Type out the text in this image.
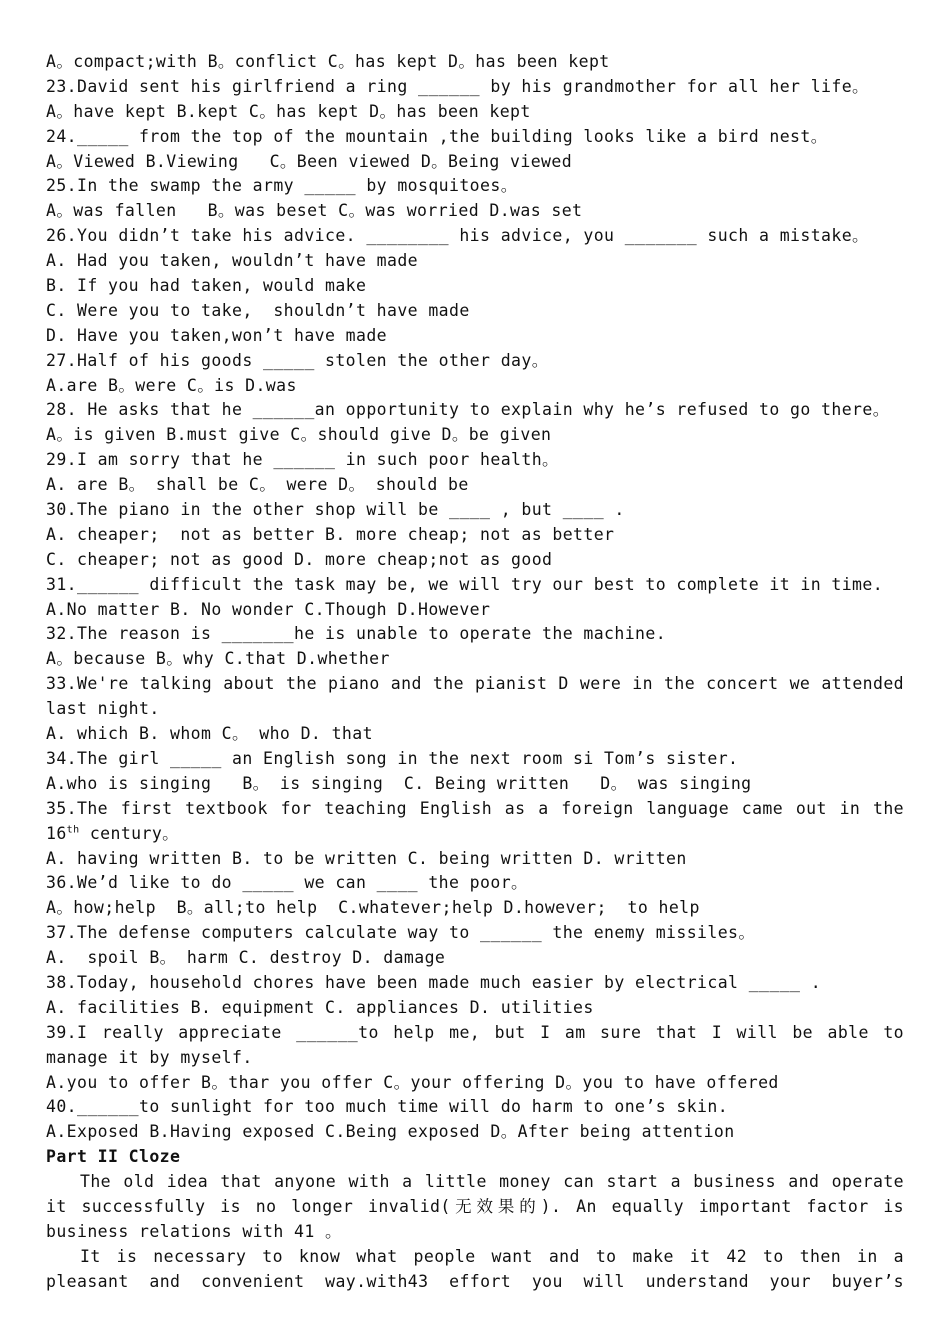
A。compact;with B。conflict C。has kept D。has been kept
23.David sent his girlfriend a ring ______ by his grandmother for all her life。
A。have kept B.kept C。has kept D。has been kept
24._____ from the top of the mountain ,the building looks like a bird nest。
A。Viewed B.Viewing   C。Been viewed D。Being viewed
25.In the swamp the army _____ by mosquitoes。
A。was fallen   B。was beset C。was worried D.was set
26.You didn’t take his advice. ________ his advice, you _______ such a mistake。
A. Had you taken, wouldn’t have made
B. If you had taken, would make
C. Were you to take,  shouldn’t have made
D. Have you taken,won’t have made
27.Half of his goods _____ stolen the other day。
A.are B。were C。is D.was
28. He asks that he ______an opportunity to explain why he’s refused to go there。
A。is given B.must give C。should give D。be given
29.I am sorry that he ______ in such poor health。
A. are B。 shall be C。 were D。 should be
30.The piano in the other shop will be ____ , but ____ .
A. cheaper;  not as better B. more cheap; not as better
C. cheaper; not as good D. more cheap;not as good
31.______ difficult the task may be, we will try our best to complete it in time.
A.No matter B. No wonder C.Though D.However
32.The reason is _______he is unable to operate the machine.
A。because B。why C.that D.whether
33.We're talking about the piano and the pianist D were in the concert we attended
last night.
A. which B. whom C。 who D. that
34.The girl _____ an English song in the next room si Tom’s sister.
A.who is singing   B。 is singing  C. Being written   D。 was singing
35.The first textbook for teaching English as a foreign language came out in the
16th century。
A. having written B. to be written C. being written D. written
36.We’d like to do _____ we can ____ the poor。
A。how;help  B。all;to help  C.whatever;help D.however;  to help
37.The defense computers calculate way to ______ the enemy missiles。
A.  spoil B。 harm C. destroy D. damage
38.Today, household chores have been made much easier by electrical _____ .
A. facilities B. equipment C. appliances D. utilities
39.I really appreciate ______to help me, but I am sure that I will be able to
manage it by myself.
A.you to offer B。thar you offer C。your offering D。you to have offered
40.______to sunlight for too much time will do harm to one’s skin.
A.Exposed B.Having exposed C.Being exposed D。After being attention
Part II Cloze
The old idea that anyone with a little money can start a business and operate
it successfully is no longer invalid(无效果的). An equally important factor is
business relations with 41 。
It is necessary to know what people want and to make it 42 to then in a
pleasant and convenient way.with43 effort you will understand your buyer’s
